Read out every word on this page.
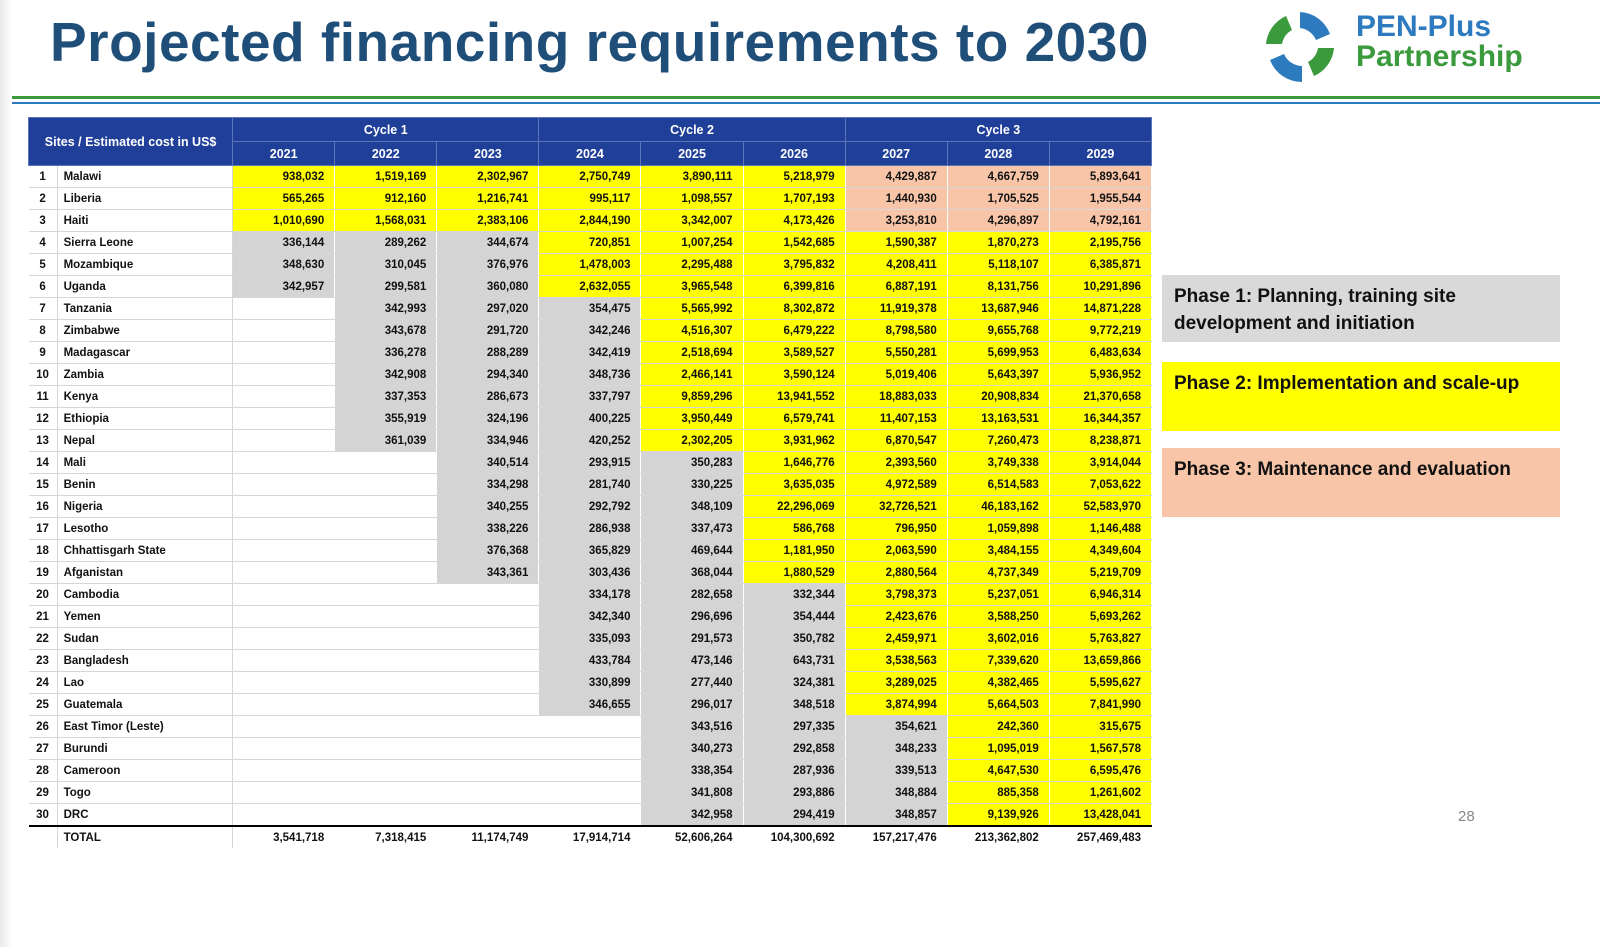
Projected financing requirements to 2030	PEN-Plus
Partnership
Sites / Estimated cost in US$		Cycle 1			Cycle 2			Cycle 3		
		2021	2022	2023	2024	2025	2026	2027	2028	2029
1	Malawi	938,032	1,519,169	2,302,967	2,750,749	3,890,111	5,218,979	4,429,887	4,667,759	5,893,641
2	Liberia	565,265	912,160	1,216,741	995,117	1,098,557	1,707,193	1,440,930	1,705,525	1,955,544
3	Haiti	1,010,690	1,568,031	2,383,106	2,844,190	3,342,007	4,173,426	3,253,810	4,296,897	4,792,161
4	Sierra Leone	336,144	289,262	344,674	720,851	1,007,254	1,542,685	1,590,387	1,870,273	2,195,756
5	Mozambique	348,630	310,045	376,976	1,478,003	2,295,488	3,795,832	4,208,411	5,118,107	6,385,871
6	Uganda	342,957	299,581	360,080	2,632,055	3,965,548	6,399,816	6,887,191	8,131,756	10,291,896
7	Tanzania		342,993	297,020	354,475	5,565,992	8,302,872	11,919,378	13,687,946	14,871,228
8	Zimbabwe		343,678	291,720	342,246	4,516,307	6,479,222	8,798,580	9,655,768	9,772,219
9	Madagascar		336,278	288,289	342,419	2,518,694	3,589,527	5,550,281	5,699,953	6,483,634
10	Zambia		342,908	294,340	348,736	2,466,141	3,590,124	5,019,406	5,643,397	5,936,952
11	Kenya		337,353	286,673	337,797	9,859,296	13,941,552	18,883,033	20,908,834	21,370,658
12	Ethiopia		355,919	324,196	400,225	3,950,449	6,579,741	11,407,153	13,163,531	16,344,357
13	Nepal		361,039	334,946	420,252	2,302,205	3,931,962	6,870,547	7,260,473	8,238,871
14	Mali			340,514	293,915	350,283	1,646,776	2,393,560	3,749,338	3,914,044
15	Benin			334,298	281,740	330,225	3,635,035	4,972,589	6,514,583	7,053,622
16	Nigeria			340,255	292,792	348,109	22,296,069	32,726,521	46,183,162	52,583,970
17	Lesotho			338,226	286,938	337,473	586,768	796,950	1,059,898	1,146,488
18	Chhattisgarh State			376,368	365,829	469,644	1,181,950	2,063,590	3,484,155	4,349,604
19	Afganistan			343,361	303,436	368,044	1,880,529	2,880,564	4,737,349	5,219,709
20	Cambodia				334,178	282,658	332,344	3,798,373	5,237,051	6,946,314
21	Yemen				342,340	296,696	354,444	2,423,676	3,588,250	5,693,262
22	Sudan				335,093	291,573	350,782	2,459,971	3,602,016	5,763,827
23	Bangladesh				433,784	473,146	643,731	3,538,563	7,339,620	13,659,866
24	Lao				330,899	277,440	324,381	3,289,025	4,382,465	5,595,627
25	Guatemala				346,655	296,017	348,518	3,874,994	5,664,503	7,841,990
26	East Timor (Leste)					343,516	297,335	354,621	242,360	315,675
27	Burundi					340,273	292,858	348,233	1,095,019	1,567,578
28	Cameroon					338,354	287,936	339,513	4,647,530	6,595,476
29	Togo					341,808	293,886	348,884	885,358	1,261,602
30	DRC					342,958	294,419	348,857	9,139,926	13,428,041
	TOTAL	3,541,718	7,318,415	11,174,749	17,914,714	52,606,264	104,300,692	157,217,476	213,362,802	257,469,483
Phase 1: Planning, training site development and initiation
Phase 2: Implementation and scale-up
Phase 3: Maintenance and evaluation
28
